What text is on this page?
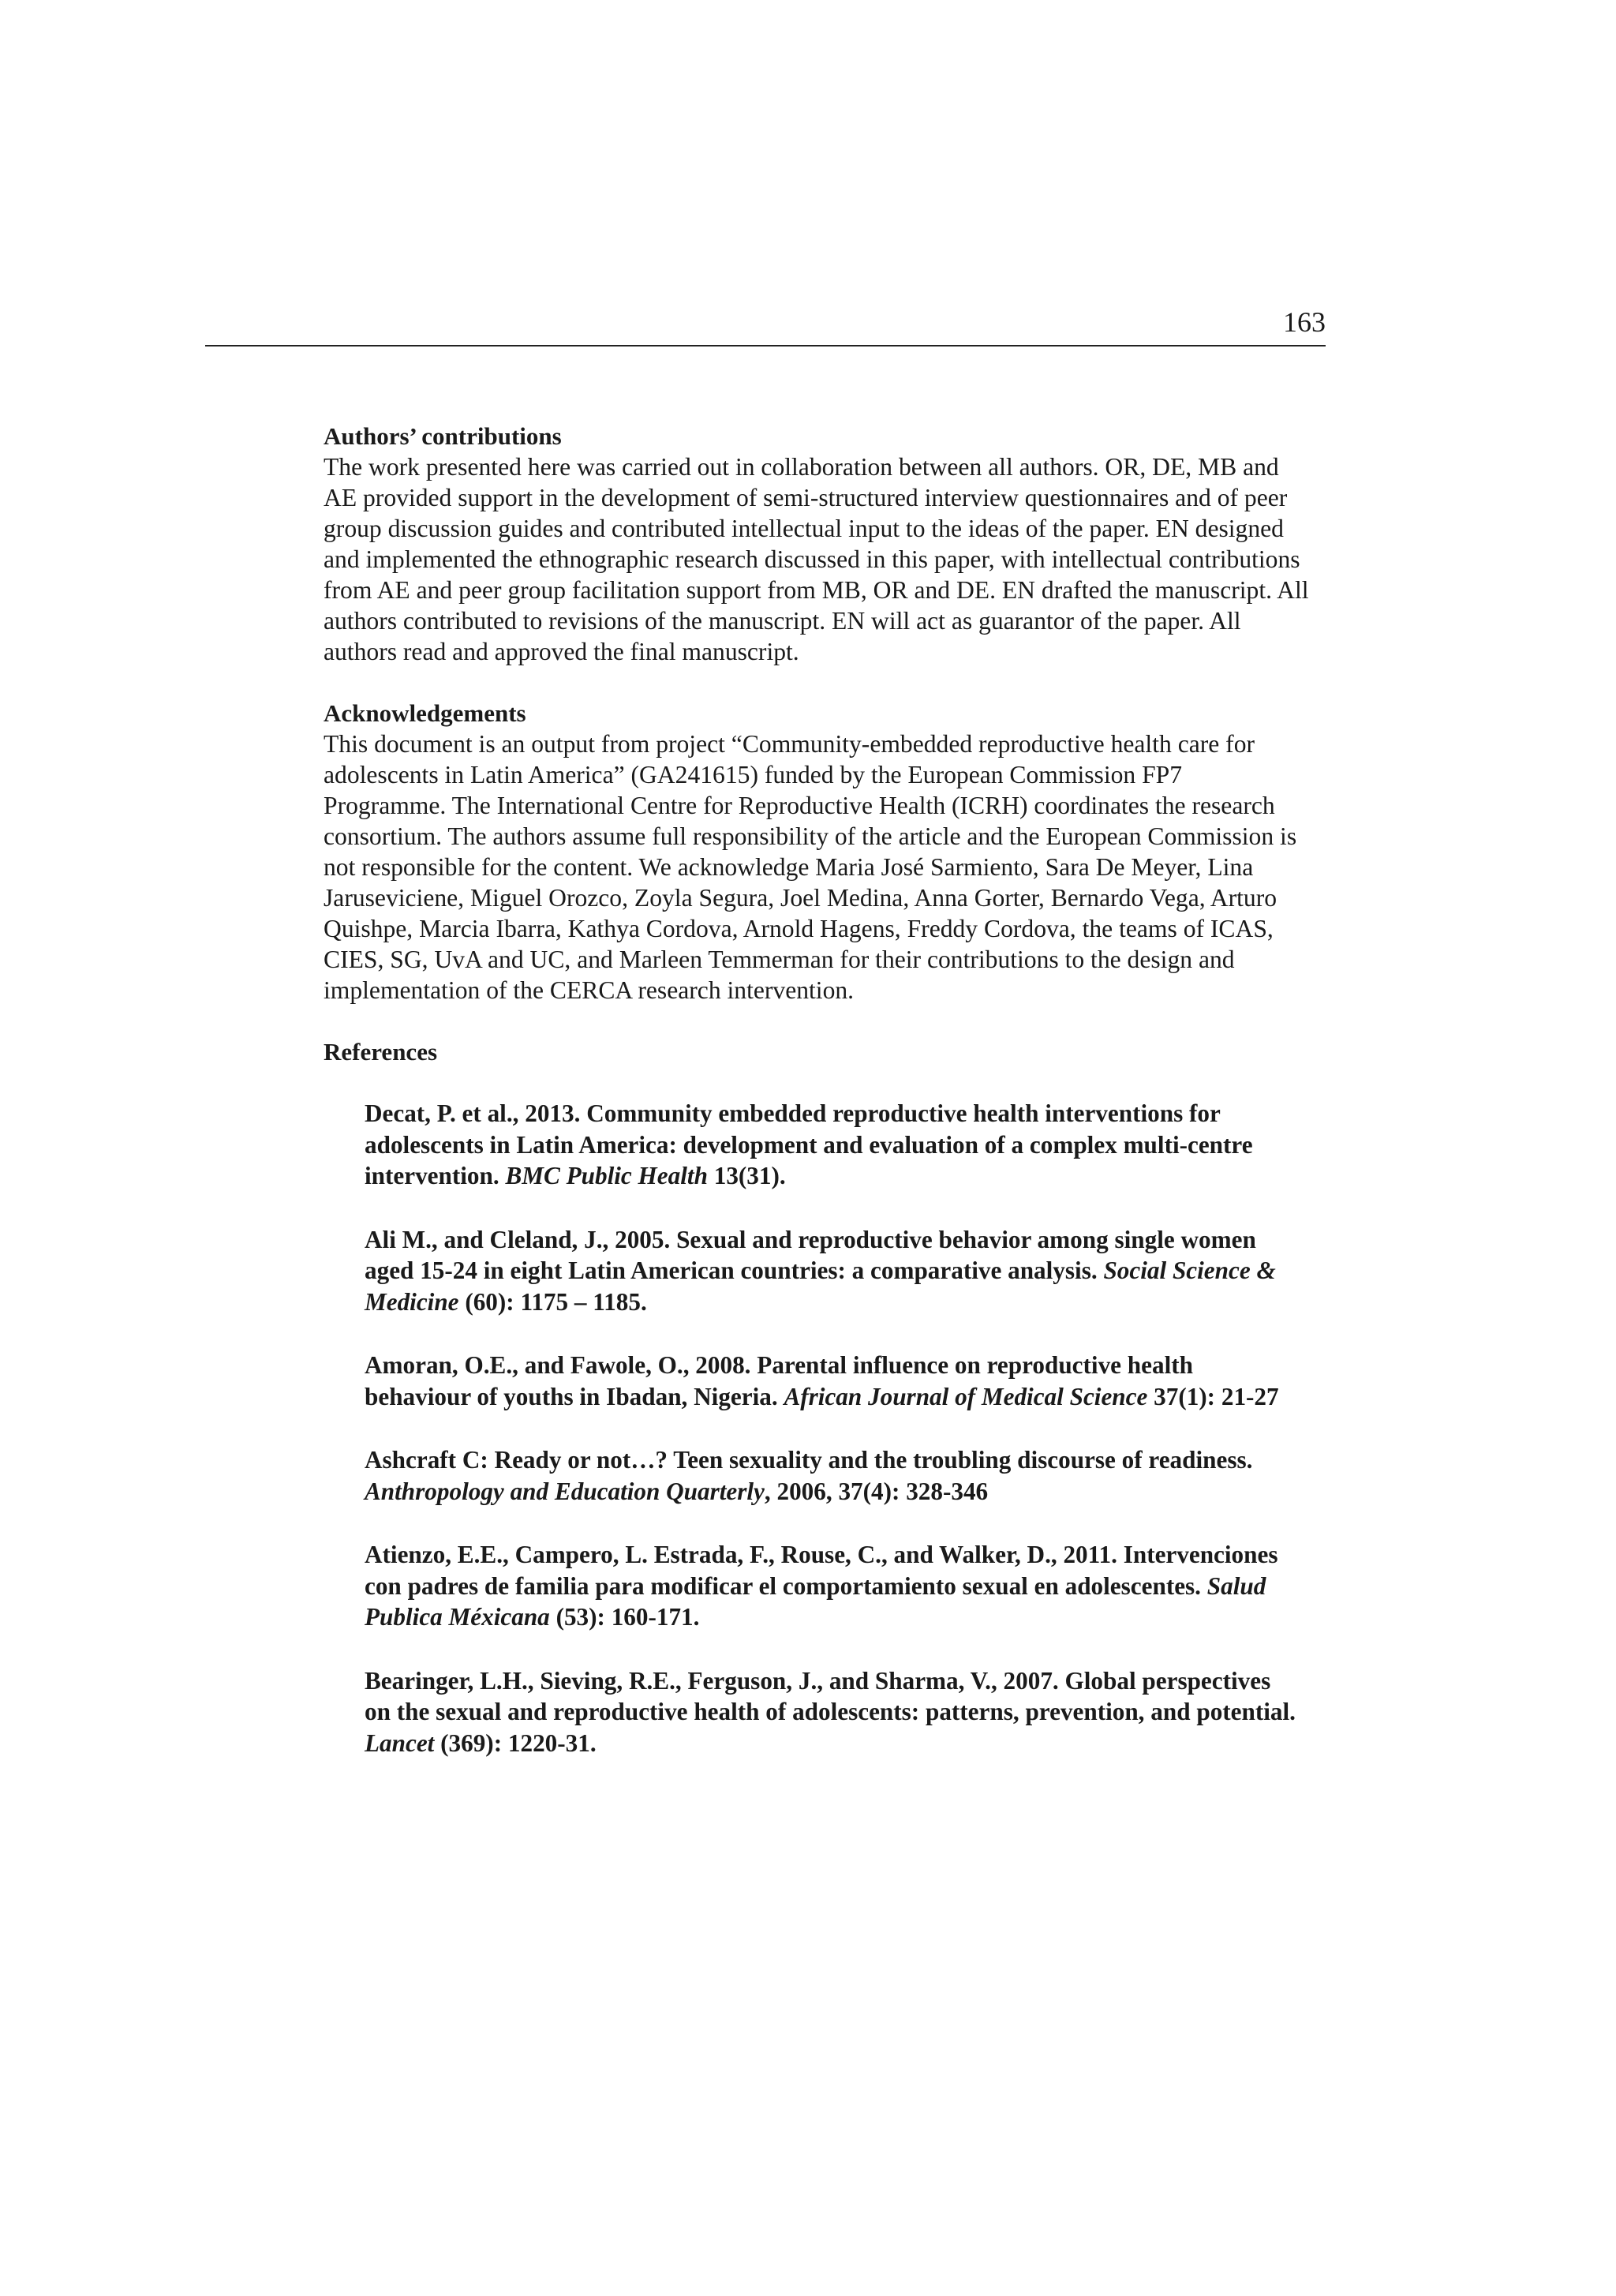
163
Authors’ contributions

The work presented here was carried out in collaboration between all authors. OR, DE, MB and AE provided support in the development of semi-structured interview questionnaires and of peer group discussion guides and contributed intellectual input to the ideas of the paper. EN designed and implemented the ethnographic research discussed in this paper, with intellectual contributions from AE and peer group facilitation support from MB, OR and DE. EN drafted the manuscript. All authors contributed to revisions of the manuscript. EN will act as guarantor of the paper. All authors read and approved the final manuscript.

Acknowledgements

This document is an output from project “Community-embedded reproductive health care for adolescents in Latin America” (GA241615) funded by the European Commission FP7 Programme. The International Centre for Reproductive Health (ICRH) coordinates the research consortium. The authors assume full responsibility of the article and the European Commission is not responsible for the content. We acknowledge Maria José Sarmiento, Sara De Meyer, Lina Jaruseviciene, Miguel Orozco, Zoyla Segura, Joel Medina, Anna Gorter, Bernardo Vega, Arturo Quishpe, Marcia Ibarra, Kathya Cordova, Arnold Hagens, Freddy Cordova, the teams of ICAS, CIES, SG, UvA and UC, and Marleen Temmerman for their contributions to the design and implementation of the CERCA research intervention.

References

Decat, P. et al., 2013. Community embedded reproductive health interventions for adolescents in Latin America: development and evaluation of a complex multi-centre intervention. BMC Public Health 13(31).

Ali M., and Cleland, J., 2005. Sexual and reproductive behavior among single women aged 15-24 in eight Latin American countries: a comparative analysis. Social Science & Medicine (60): 1175 – 1185.

Amoran, O.E., and Fawole, O., 2008. Parental influence on reproductive health behaviour of youths in Ibadan, Nigeria. African Journal of Medical Science 37(1): 21-27

Ashcraft C: Ready or not…? Teen sexuality and the troubling discourse of readiness. Anthropology and Education Quarterly, 2006, 37(4): 328-346

Atienzo, E.E., Campero, L. Estrada, F., Rouse, C., and Walker, D., 2011. Intervenciones con padres de familia para modificar el comportamiento sexual en adolescentes. Salud Publica Méxicana (53): 160-171.

Bearinger, L.H., Sieving, R.E., Ferguson, J., and Sharma, V., 2007. Global perspectives on the sexual and reproductive health of adolescents: patterns, prevention, and potential. Lancet (369): 1220-31.
